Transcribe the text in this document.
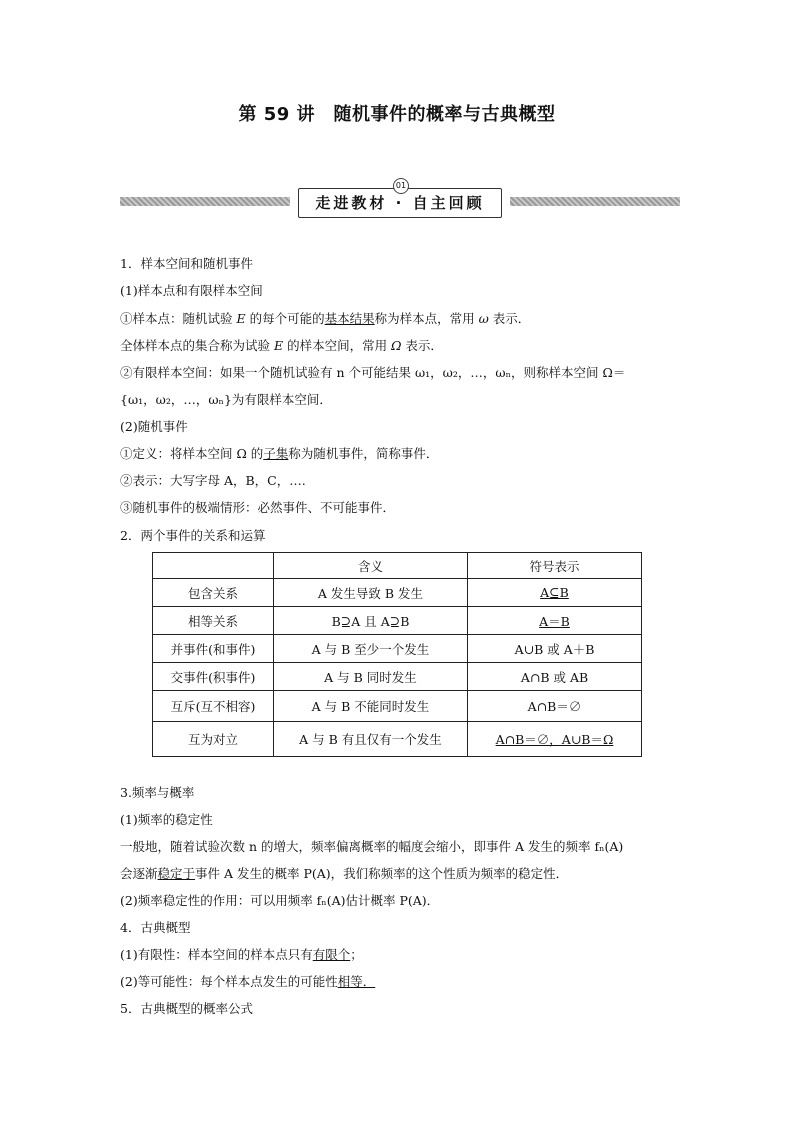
第 59 讲　随机事件的概率与古典概型
走进教材 · 自主回顾
01
1．样本空间和随机事件
(1)样本点和有限样本空间
①样本点：随机试验 E 的每个可能的基本结果称为样本点，常用 ω 表示．
全体样本点的集合称为试验 E 的样本空间，常用 Ω 表示．
②有限样本空间：如果一个随机试验有 n 个可能结果 ω₁，ω₂，…，ωₙ，则称样本空间 Ω＝
{ω₁，ω₂，…，ωₙ}为有限样本空间．
(2)随机事件
①定义：将样本空间 Ω 的子集称为随机事件，简称事件．
②表示：大写字母 A，B，C，….
③随机事件的极端情形：必然事件、不可能事件．
2．两个事件的关系和运算
	含义	符号表示
包含关系	A 发生导致 B 发生	A⊆B
相等关系	B⊇A 且 A⊇B	A＝B
并事件(和事件)	A 与 B 至少一个发生	A∪B 或 A＋B
交事件(积事件)	A 与 B 同时发生	A∩B 或 AB
互斥(互不相容)	A 与 B 不能同时发生	A∩B＝∅
互为对立	A 与 B 有且仅有一个发生	A∩B＝∅，A∪B＝Ω
3.频率与概率
(1)频率的稳定性
一般地，随着试验次数 n 的增大，频率偏离概率的幅度会缩小，即事件 A 发生的频率 fₙ(A)
会逐渐稳定于事件 A 发生的概率 P(A)，我们称频率的这个性质为频率的稳定性．
(2)频率稳定性的作用：可以用频率 fₙ(A)估计概率 P(A)．
4．古典概型
(1)有限性：样本空间的样本点只有有限个；
(2)等可能性：每个样本点发生的可能性相等．
5．古典概型的概率公式
